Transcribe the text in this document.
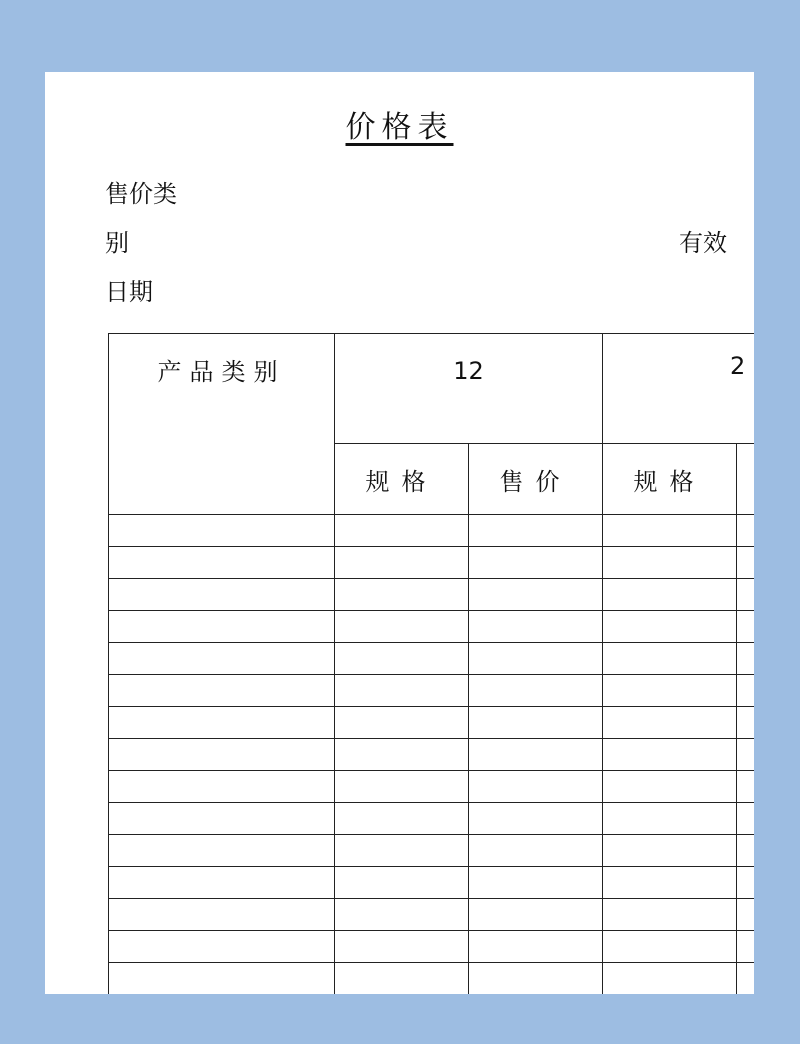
价格表
售价类
别
日期
有效
产品类别	12		2	

	规格	售价	规格	
